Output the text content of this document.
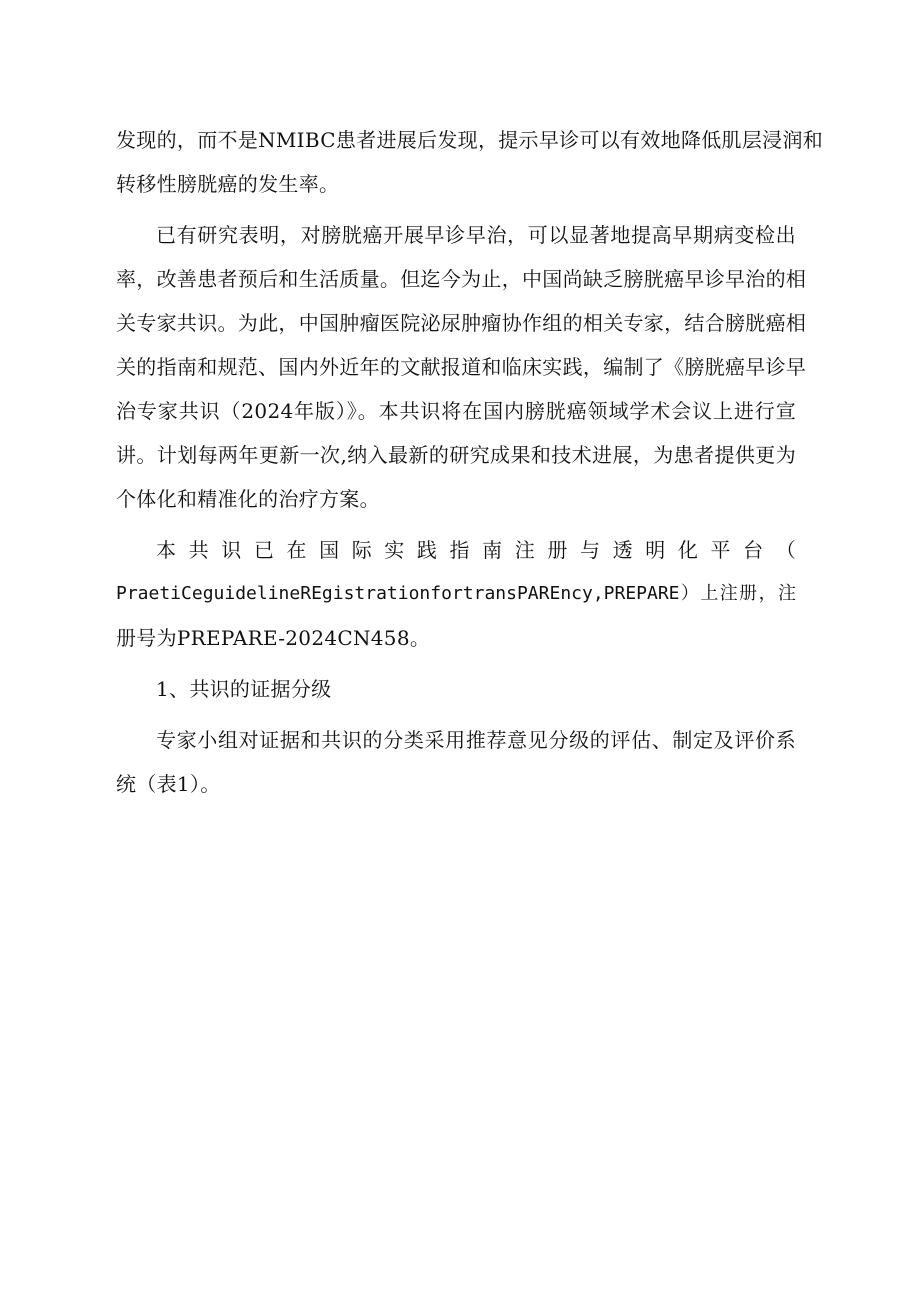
发现的，而不是NMIBC患者进展后发现，提示早诊可以有效地降低肌层浸润和
转移性膀胱癌的发生率。

已有研究表明，对膀胱癌开展早诊早治，可以显著地提高早期病变检出
率，改善患者预后和生活质量。但迄今为止，中国尚缺乏膀胱癌早诊早治的相
关专家共识。为此，中国肿瘤医院泌尿肿瘤协作组的相关专家，结合膀胱癌相
关的指南和规范、国内外近年的文献报道和临床实践，编制了《膀胱癌早诊早
治专家共识（2024年版）》。本共识将在国内膀胱癌领域学术会议上进行宣
讲。计划每两年更新一次,纳入最新的研究成果和技术进展，为患者提供更为
个体化和精准化的治疗方案。

本共识已在国际实践指南注册与透明化平台（
PraetiCeguidelineREgistrationfortransPAREncy,PREPARE）上注册，注
册号为PREPARE-2024CN458。

1、共识的证据分级

专家小组对证据和共识的分类采用推荐意见分级的评估、制定及评价系
统（表1）。
